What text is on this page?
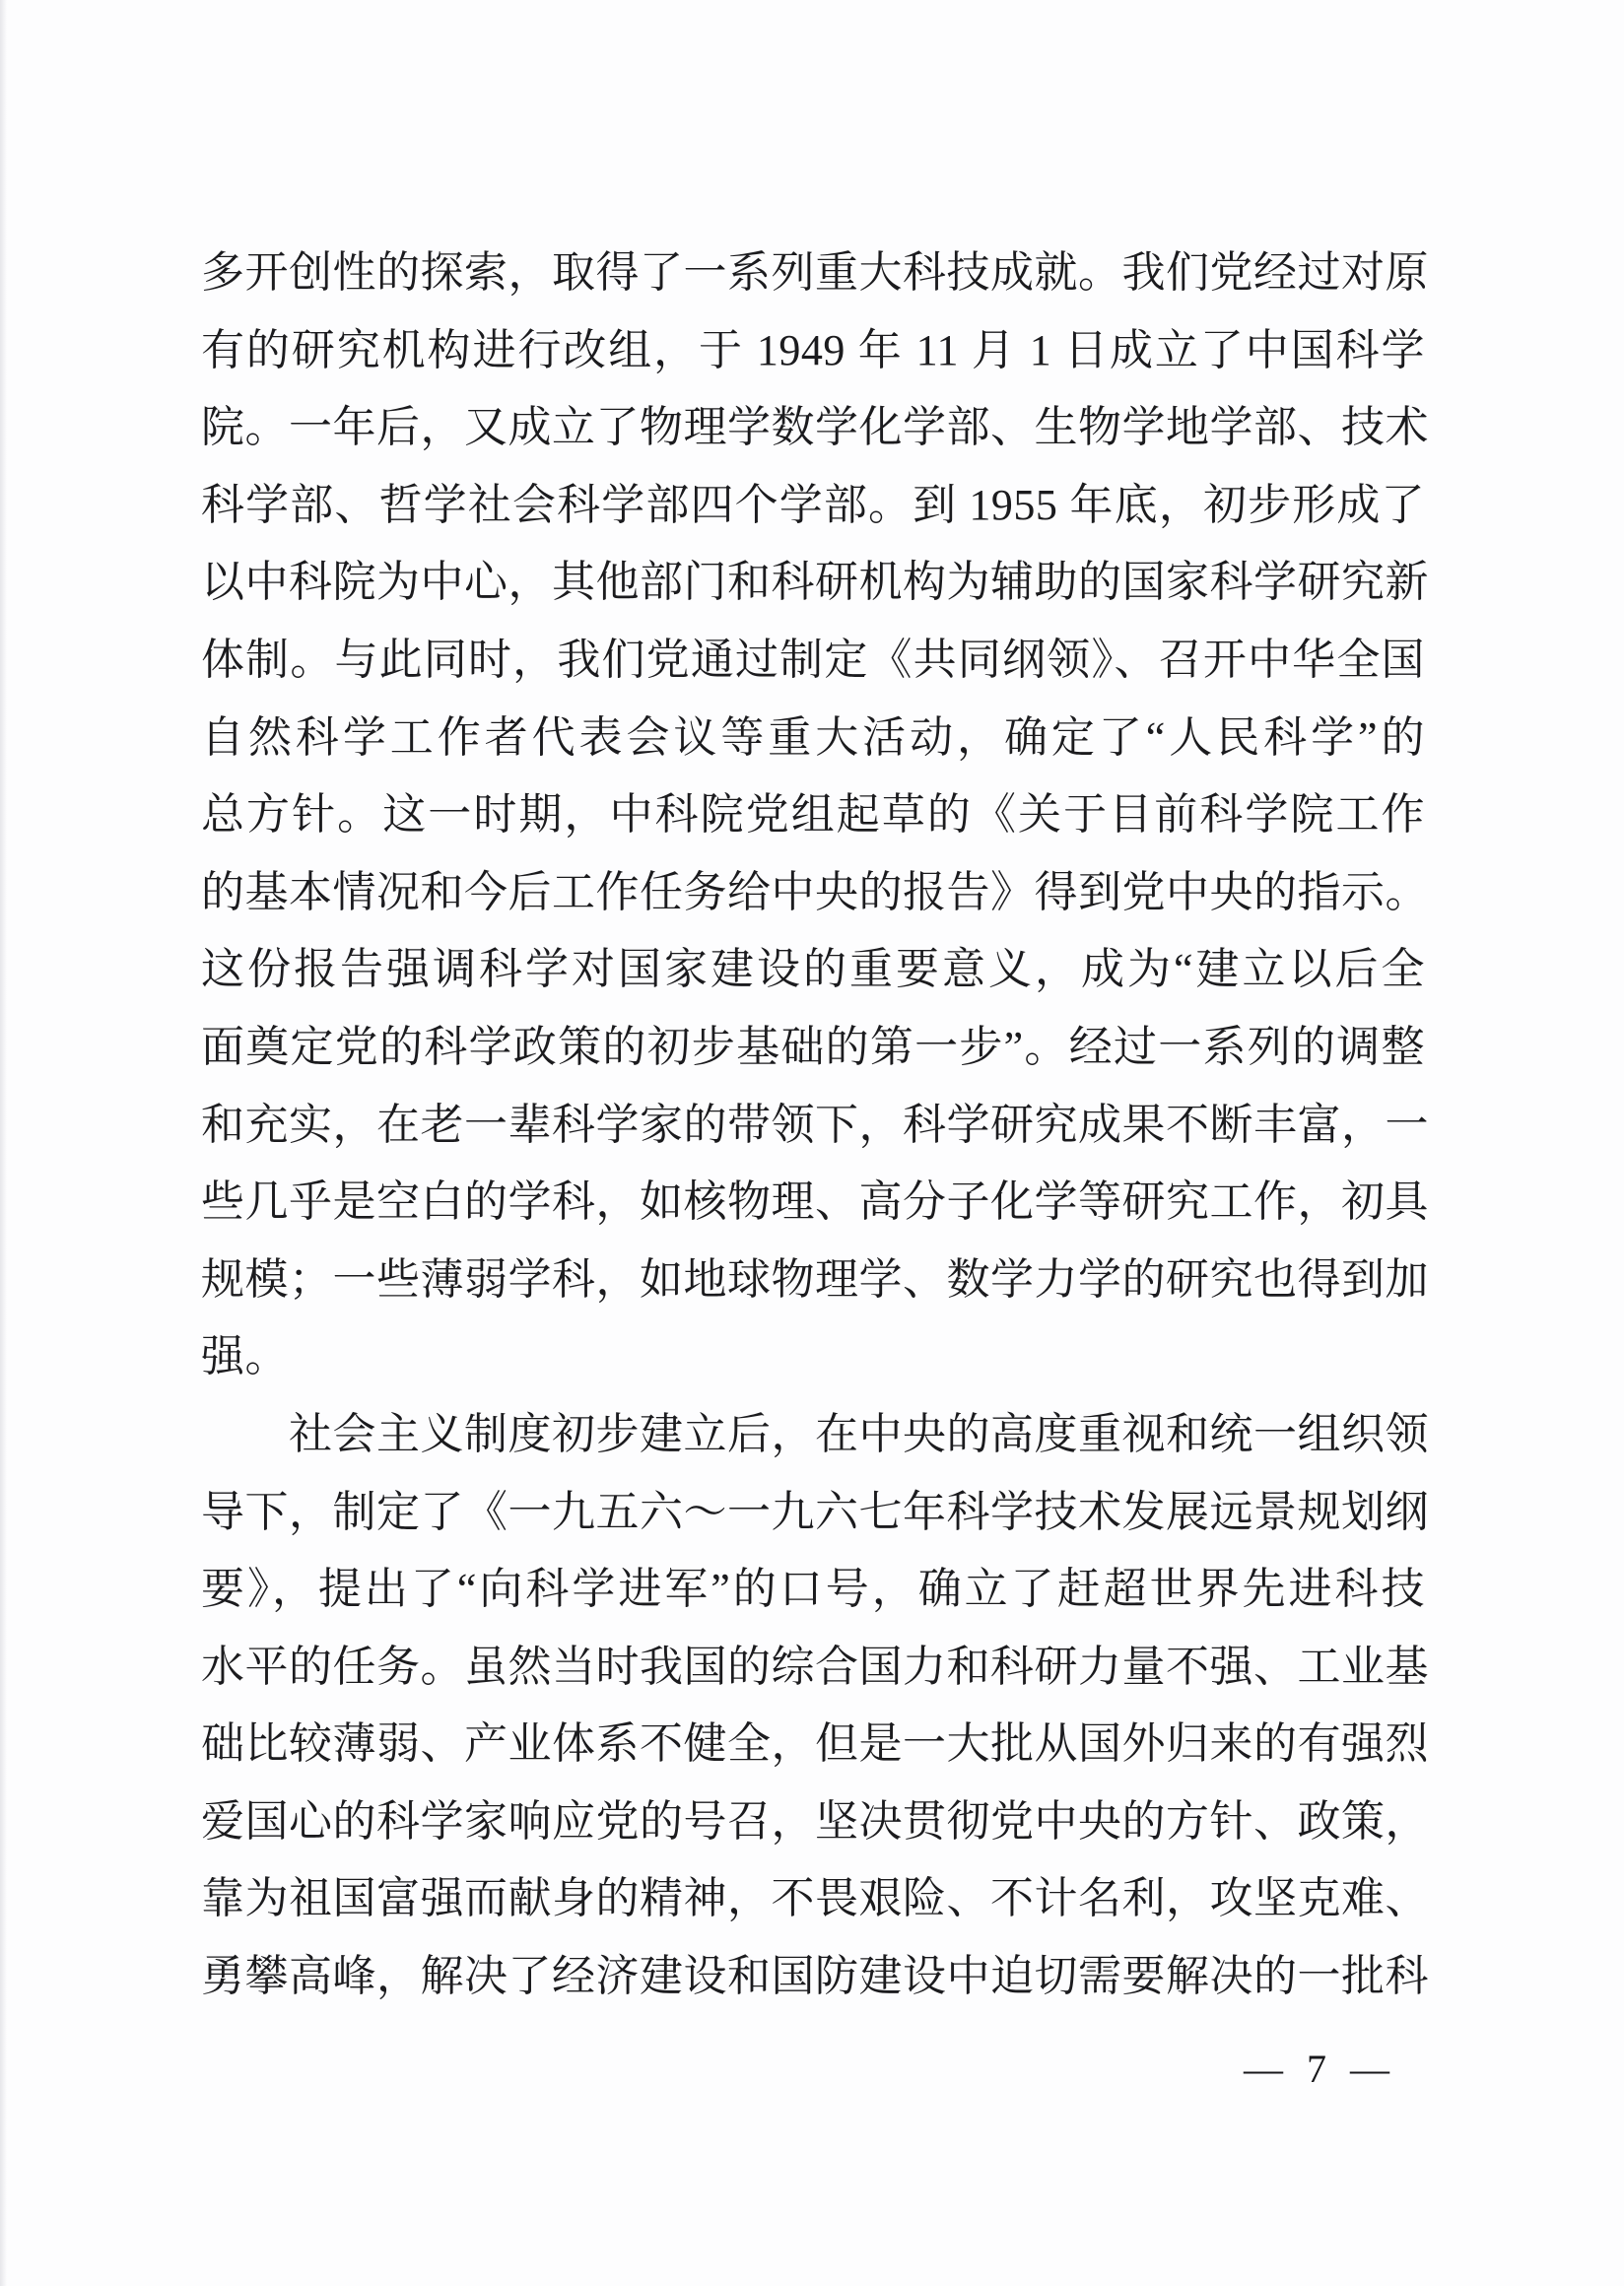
多开创性的探索，取得了一系列重大科技成就。我们党经过对原
有的研究机构进行改组，于 1949 年 11 月 1 日成立了中国科学
院。一年后，又成立了物理学数学化学部、生物学地学部、技术
科学部、哲学社会科学部四个学部。到 1955 年底，初步形成了
以中科院为中心，其他部门和科研机构为辅助的国家科学研究新
体制。与此同时，我们党通过制定《共同纲领》、召开中华全国
自然科学工作者代表会议等重大活动，确定了“人民科学”的
总方针。这一时期，中科院党组起草的《关于目前科学院工作
的基本情况和今后工作任务给中央的报告》得到党中央的指示。
这份报告强调科学对国家建设的重要意义，成为“建立以后全
面奠定党的科学政策的初步基础的第一步”。经过一系列的调整
和充实，在老一辈科学家的带领下，科学研究成果不断丰富，一
些几乎是空白的学科，如核物理、高分子化学等研究工作，初具
规模；一些薄弱学科，如地球物理学、数学力学的研究也得到加
强。
　　社会主义制度初步建立后，在中央的高度重视和统一组织领
导下，制定了《一九五六～一九六七年科学技术发展远景规划纲
要》，提出了“向科学进军”的口号，确立了赶超世界先进科技
水平的任务。虽然当时我国的综合国力和科研力量不强、工业基
础比较薄弱、产业体系不健全，但是一大批从国外归来的有强烈
爱国心的科学家响应党的号召，坚决贯彻党中央的方针、政策，
靠为祖国富强而献身的精神，不畏艰险、不计名利，攻坚克难、
勇攀高峰，解决了经济建设和国防建设中迫切需要解决的一批科
— 7 —
